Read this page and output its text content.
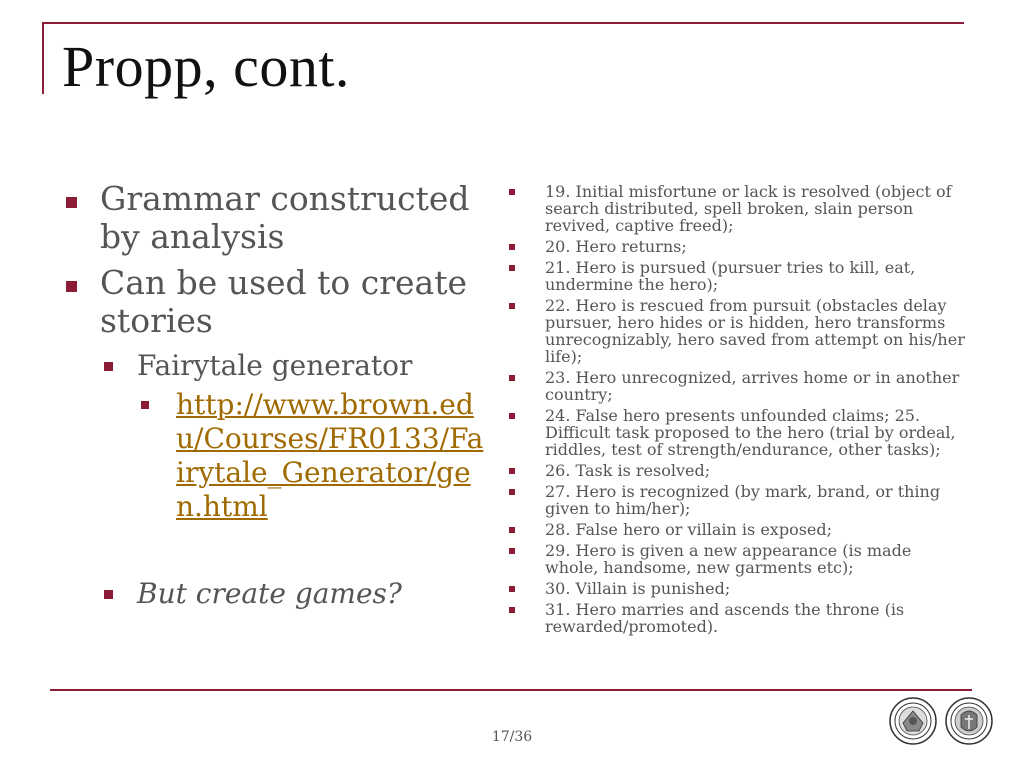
Propp, cont.
Grammar constructed by analysis
Can be used to create stories
Fairytale generator
http://www.brown.edu/Courses/FR0133/Fairytale_Generator/gen.html
But create games?
19. Initial misfortune or lack is resolved (object of search distributed, spell broken, slain person revived, captive freed);
20. Hero returns;
21. Hero is pursued (pursuer tries to kill, eat, undermine the hero);
22. Hero is rescued from pursuit (obstacles delay pursuer, hero hides or is hidden, hero transforms unrecognizably, hero saved from attempt on his/her life);
23. Hero unrecognized, arrives home or in another country;
24. False hero presents unfounded claims; 25. Difficult task proposed to the hero (trial by ordeal, riddles, test of strength/endurance, other tasks);
26. Task is resolved;
27. Hero is recognized (by mark, brand, or thing given to him/her);
28. False hero or villain is exposed;
29. Hero is given a new appearance (is made whole, handsome, new garments etc);
30. Villain is punished;
31. Hero marries and ascends the throne (is rewarded/promoted).
17/36
